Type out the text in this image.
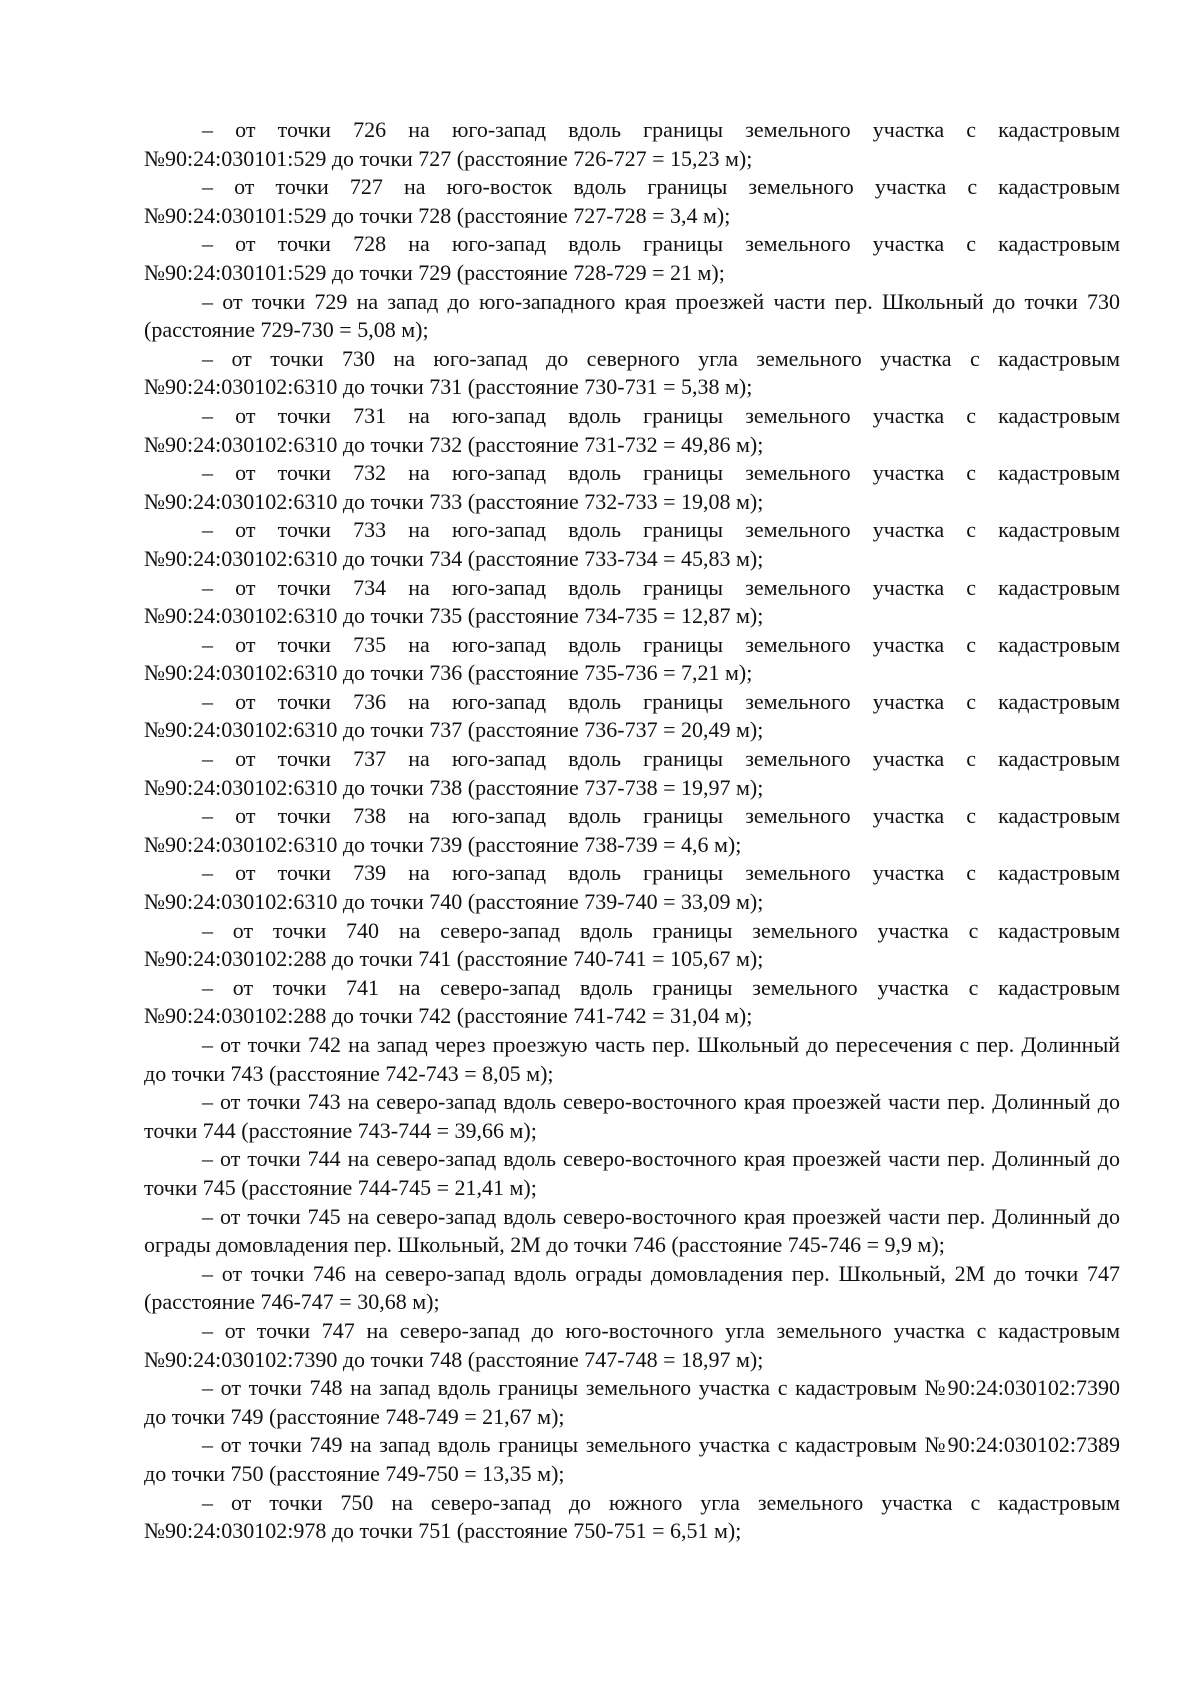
– от точки 726 на юго-запад вдоль границы земельного участка с кадастровым №90:24:030101:529 до точки 727 (расстояние 726-727 = 15,23 м);

– от точки 727 на юго-восток вдоль границы земельного участка с кадастровым №90:24:030101:529 до точки 728 (расстояние 727-728 = 3,4 м);

– от точки 728 на юго-запад вдоль границы земельного участка с кадастровым №90:24:030101:529 до точки 729 (расстояние 728-729 = 21 м);

– от точки 729 на запад до юго-западного края проезжей части пер. Школьный до точки 730 (расстояние 729-730 = 5,08 м);

– от точки 730 на юго-запад до северного угла земельного участка с кадастровым №90:24:030102:6310 до точки 731 (расстояние 730-731 = 5,38 м);

– от точки 731 на юго-запад вдоль границы земельного участка с кадастровым №90:24:030102:6310 до точки 732 (расстояние 731-732 = 49,86 м);

– от точки 732 на юго-запад вдоль границы земельного участка с кадастровым №90:24:030102:6310 до точки 733 (расстояние 732-733 = 19,08 м);

– от точки 733 на юго-запад вдоль границы земельного участка с кадастровым №90:24:030102:6310 до точки 734 (расстояние 733-734 = 45,83 м);

– от точки 734 на юго-запад вдоль границы земельного участка с кадастровым №90:24:030102:6310 до точки 735 (расстояние 734-735 = 12,87 м);

– от точки 735 на юго-запад вдоль границы земельного участка с кадастровым №90:24:030102:6310 до точки 736 (расстояние 735-736 = 7,21 м);

– от точки 736 на юго-запад вдоль границы земельного участка с кадастровым №90:24:030102:6310 до точки 737 (расстояние 736-737 = 20,49 м);

– от точки 737 на юго-запад вдоль границы земельного участка с кадастровым №90:24:030102:6310 до точки 738 (расстояние 737-738 = 19,97 м);

– от точки 738 на юго-запад вдоль границы земельного участка с кадастровым №90:24:030102:6310 до точки 739 (расстояние 738-739 = 4,6 м);

– от точки 739 на юго-запад вдоль границы земельного участка с кадастровым №90:24:030102:6310 до точки 740 (расстояние 739-740 = 33,09 м);

– от точки 740 на северо-запад вдоль границы земельного участка с кадастровым №90:24:030102:288 до точки 741 (расстояние 740-741 = 105,67 м);

– от точки 741 на северо-запад вдоль границы земельного участка с кадастровым №90:24:030102:288 до точки 742 (расстояние 741-742 = 31,04 м);

– от точки 742 на запад через проезжую часть пер. Школьный до пересечения с пер. Долинный до точки 743 (расстояние 742-743 = 8,05 м);

– от точки 743 на северо-запад вдоль северо-восточного края проезжей части пер. Долинный до точки 744 (расстояние 743-744 = 39,66 м);

– от точки 744 на северо-запад вдоль северо-восточного края проезжей части пер. Долинный до точки 745 (расстояние 744-745 = 21,41 м);

– от точки 745 на северо-запад вдоль северо-восточного края проезжей части пер. Долинный до ограды домовладения пер. Школьный, 2М до точки 746 (расстояние 745-746 = 9,9 м);

– от точки 746 на северо-запад вдоль ограды домовладения пер. Школьный, 2М до точки 747 (расстояние 746-747 = 30,68 м);

– от точки 747 на северо-запад до юго-восточного угла земельного участка с кадастровым №90:24:030102:7390 до точки 748 (расстояние 747-748 = 18,97 м);

– от точки 748 на запад вдоль границы земельного участка с кадастровым №90:24:030102:7390 до точки 749 (расстояние 748-749 = 21,67 м);

– от точки 749 на запад вдоль границы земельного участка с кадастровым №90:24:030102:7389 до точки 750 (расстояние 749-750 = 13,35 м);

– от точки 750 на северо-запад до южного угла земельного участка с кадастровым №90:24:030102:978 до точки 751 (расстояние 750-751 = 6,51 м);
